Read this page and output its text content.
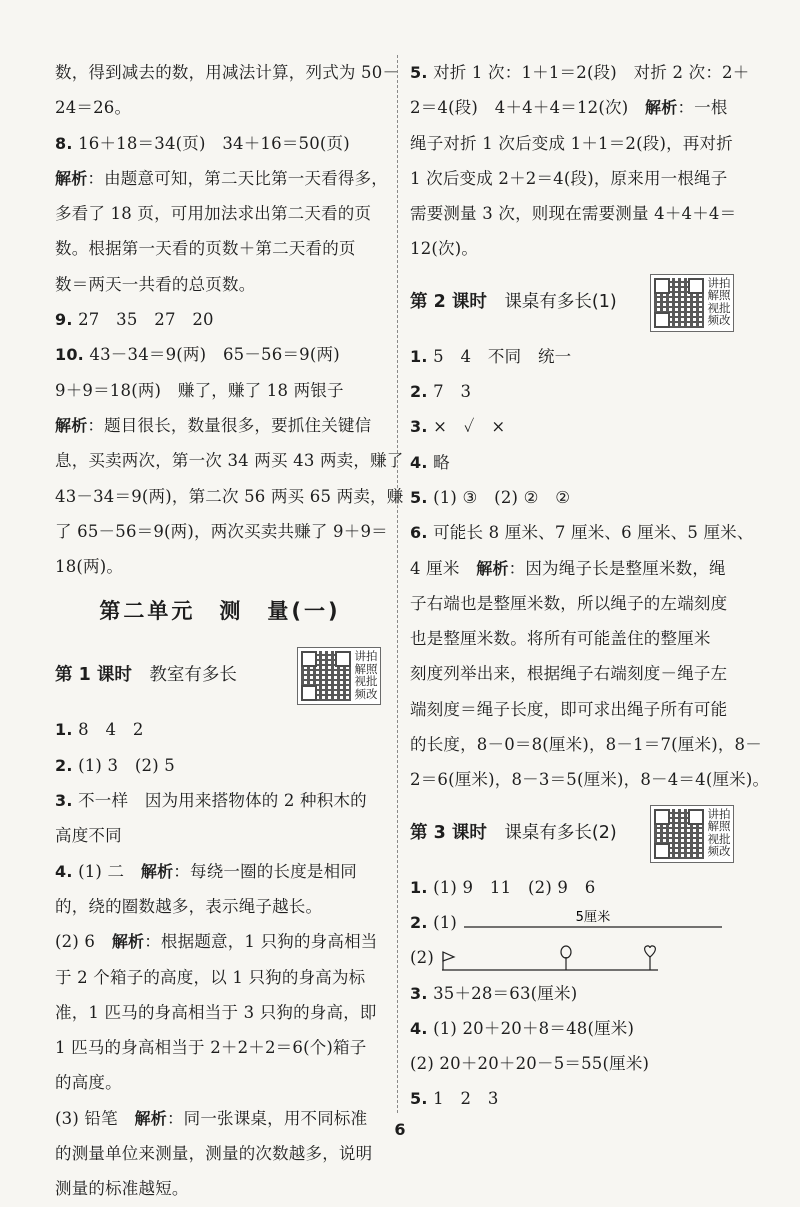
数，得到减去的数，用减法计算，列式为 50－
24＝26。
8. 16＋18＝34(页)　34＋16＝50(页)
解析：由题意可知，第二天比第一天看得多，
多看了 18 页，可用加法求出第二天看的页
数。根据第一天看的页数＋第二天看的页
数＝两天一共看的总页数。
9. 27　35　27　20
10. 43－34＝9(两)　65－56＝9(两)
9＋9＝18(两)　赚了，赚了 18 两银子
解析：题目很长，数量很多，要抓住关键信
息，买卖两次，第一次 34 两买 43 两卖，赚了
43－34＝9(两)，第二次 56 两买 65 两卖，赚
了 65－56＝9(两)，两次买卖共赚了 9＋9＝
18(两)。
第二单元　测　量(一)
第 1 课时　 教室有多长
讲拍解照视批频改
1. 8　4　2
2. (1) 3　(2) 5
3. 不一样　因为用来搭物体的 2 种积木的
高度不同
4. (1) 二　解析：每绕一圈的长度是相同
的，绕的圈数越多，表示绳子越长。
(2) 6　解析：根据题意，1 只狗的身高相当
于 2 个箱子的高度，以 1 只狗的身高为标
准，1 匹马的身高相当于 3 只狗的身高，即
1 匹马的身高相当于 2＋2＋2＝6(个)箱子
的高度。
(3) 铅笔　解析：同一张课桌，用不同标准
的测量单位来测量，测量的次数越多，说明
测量的标准越短。
5. 对折 1 次：1＋1＝2(段)　对折 2 次：2＋
2＝4(段)　4＋4＋4＝12(次)　解析：一根
绳子对折 1 次后变成 1＋1＝2(段)，再对折
1 次后变成 2＋2＝4(段)，原来用一根绳子
需要测量 3 次，则现在需要测量 4＋4＋4＝
12(次)。
第 2 课时　 课桌有多长(1)
讲拍解照视批频改
1. 5　4　不同　统一
2. 7　3
3. ×　✓　×
4. 略
5. (1) ③　(2) ②　②
6. 可能长 8 厘米、7 厘米、6 厘米、5 厘米、
4 厘米　解析：因为绳子长是整厘米数，绳
子右端也是整厘米数，所以绳子的左端刻度
也是整厘米数。将所有可能盖住的整厘米
刻度列举出来，根据绳子右端刻度－绳子左
端刻度＝绳子长度，即可求出绳子所有可能
的长度，8－0＝8(厘米)，8－1＝7(厘米)，8－
2＝6(厘米)，8－3＝5(厘米)，8－4＝4(厘米)。
第 3 课时　 课桌有多长(2)
讲拍解照视批频改
1. (1) 9　11　(2) 9　6
2. (1)	5厘米
(2)
3. 35＋28＝63(厘米)
4. (1) 20＋20＋8＝48(厘米)
(2) 20＋20＋20－5＝55(厘米)
5. 1　2　3
6
